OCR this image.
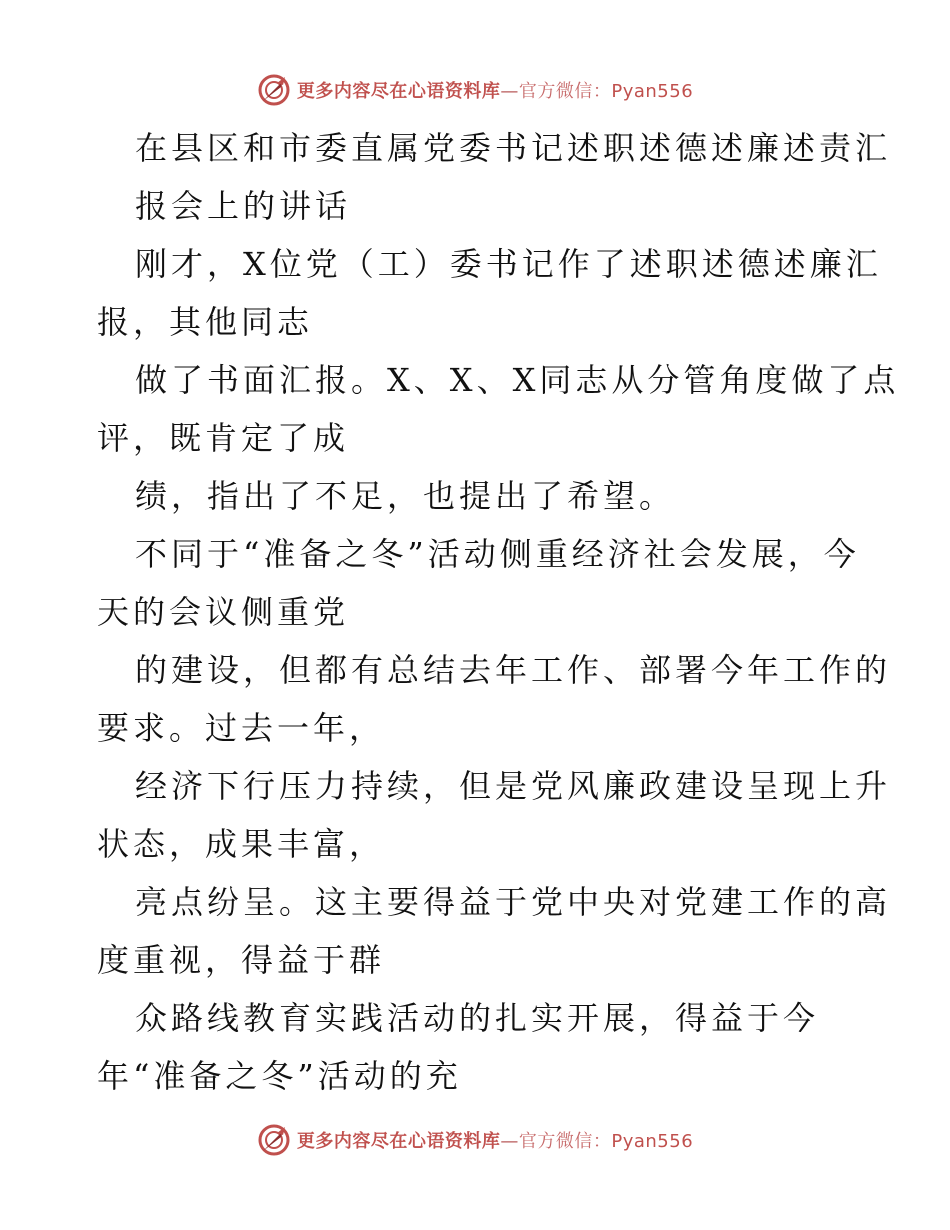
更多内容尽在心语资料库—官方微信：Pyan556
在县区和市委直属党委书记述职述德述廉述责汇
报会上的讲话
刚才，X位党（工）委书记作了述职述德述廉汇
报，其他同志
做了书面汇报。X、X、X同志从分管角度做了点
评，既肯定了成
绩，指出了不足，也提出了希望。
不同于“准备之冬”活动侧重经济社会发展，今
天的会议侧重党
的建设，但都有总结去年工作、部署今年工作的
要求。过去一年，
经济下行压力持续，但是党风廉政建设呈现上升
状态，成果丰富，
亮点纷呈。这主要得益于党中央对党建工作的高
度重视，得益于群
众路线教育实践活动的扎实开展，得益于今
年“准备之冬”活动的充
更多内容尽在心语资料库—官方微信：Pyan556
